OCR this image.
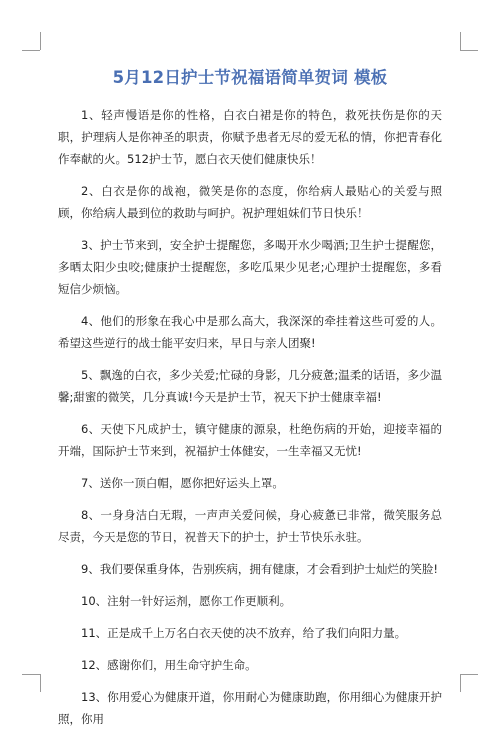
5月12日护士节祝福语简单贺词 模板

1、轻声慢语是你的性格，白衣白裙是你的特色，救死扶伤是你的天职，护理病人是你神圣的职责，你赋予患者无尽的爱无私的情，你把青春化作奉献的火。512护士节，愿白衣天使们健康快乐！

2、白衣是你的战袍，微笑是你的态度，你给病人最贴心的关爱与照顾，你给病人最到位的救助与呵护。祝护理姐妹们节日快乐！

3、护士节来到，安全护士提醒您，多喝开水少喝酒;卫生护士提醒您，多晒太阳少虫咬;健康护士提醒您，多吃瓜果少见老;心理护士提醒您，多看短信少烦恼。

4、他们的形象在我心中是那么高大，我深深的牵挂着这些可爱的人。希望这些逆行的战士能平安归来，早日与亲人团聚!

5、飘逸的白衣，多少关爱;忙碌的身影，几分疲惫;温柔的话语，多少温馨;甜蜜的微笑，几分真诚!今天是护士节，祝天下护士健康幸福!

6、天使下凡成护士，镇守健康的源泉，杜绝伤病的开始，迎接幸福的开端，国际护士节来到，祝福护士体健安，一生幸福又无忧!

7、送你一顶白帽，愿你把好运头上罩。

8、一身身洁白无瑕，一声声关爱问候，身心疲惫已非常，微笑服务总尽责，今天是您的节日，祝普天下的护士，护士节快乐永驻。

9、我们要保重身体，告别疾病，拥有健康，才会看到护士灿烂的笑脸!

10、注射一针好运剂，愿你工作更顺利。

11、正是成千上万名白衣天使的决不放弃，给了我们向阳力量。

12、感谢你们，用生命守护生命。

13、你用爱心为健康开道，你用耐心为健康助跑，你用细心为健康开护照，你用
